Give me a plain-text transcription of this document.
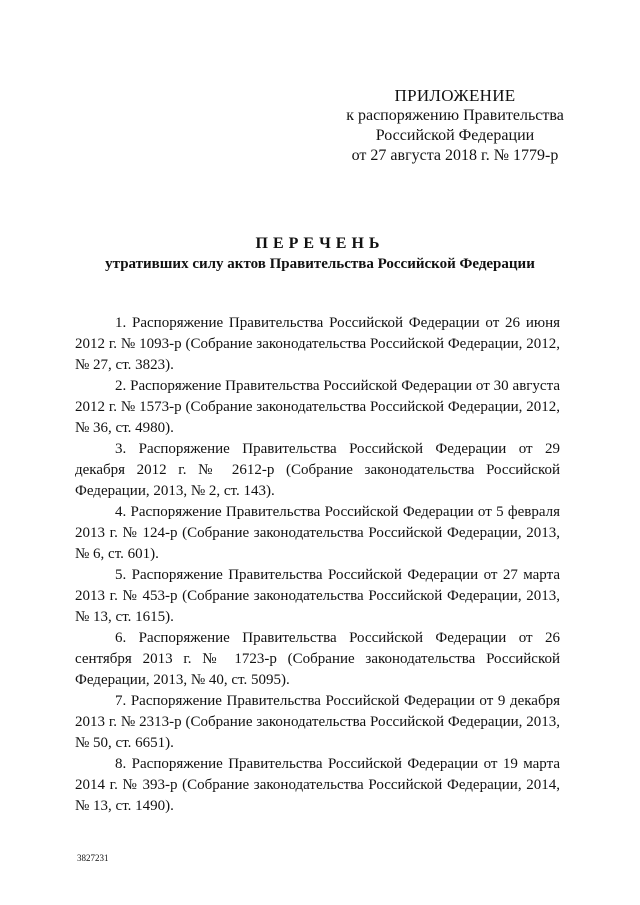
ПРИЛОЖЕНИЕ
к распоряжению Правительства
Российской Федерации
от 27 августа 2018 г. № 1779-р
ПЕРЕЧЕНЬ
утративших силу актов Правительства Российской Федерации

1. Распоряжение Правительства Российской Федерации от 26 июня 2012 г. № 1093-р (Собрание законодательства Российской Федерации, 2012, № 27, ст. 3823).

2. Распоряжение Правительства Российской Федерации от 30 августа 2012 г. № 1573-р (Собрание законодательства Российской Федерации, 2012, № 36, ст. 4980).

3. Распоряжение Правительства Российской Федерации от 29 декабря 2012 г. № 2612-р (Собрание законодательства Российской Федерации, 2013, № 2, ст. 143).

4. Распоряжение Правительства Российской Федерации от 5 февраля 2013 г. № 124-р (Собрание законодательства Российской Федерации, 2013, № 6, ст. 601).

5. Распоряжение Правительства Российской Федерации от 27 марта 2013 г. № 453-р (Собрание законодательства Российской Федерации, 2013, № 13, ст. 1615).

6. Распоряжение Правительства Российской Федерации от 26 сентября 2013 г. № 1723-р (Собрание законодательства Российской Федерации, 2013, № 40, ст. 5095).

7. Распоряжение Правительства Российской Федерации от 9 декабря 2013 г. № 2313-р (Собрание законодательства Российской Федерации, 2013, № 50, ст. 6651).

8. Распоряжение Правительства Российской Федерации от 19 марта 2014 г. № 393-р (Собрание законодательства Российской Федерации, 2014, № 13, ст. 1490).

3827231
